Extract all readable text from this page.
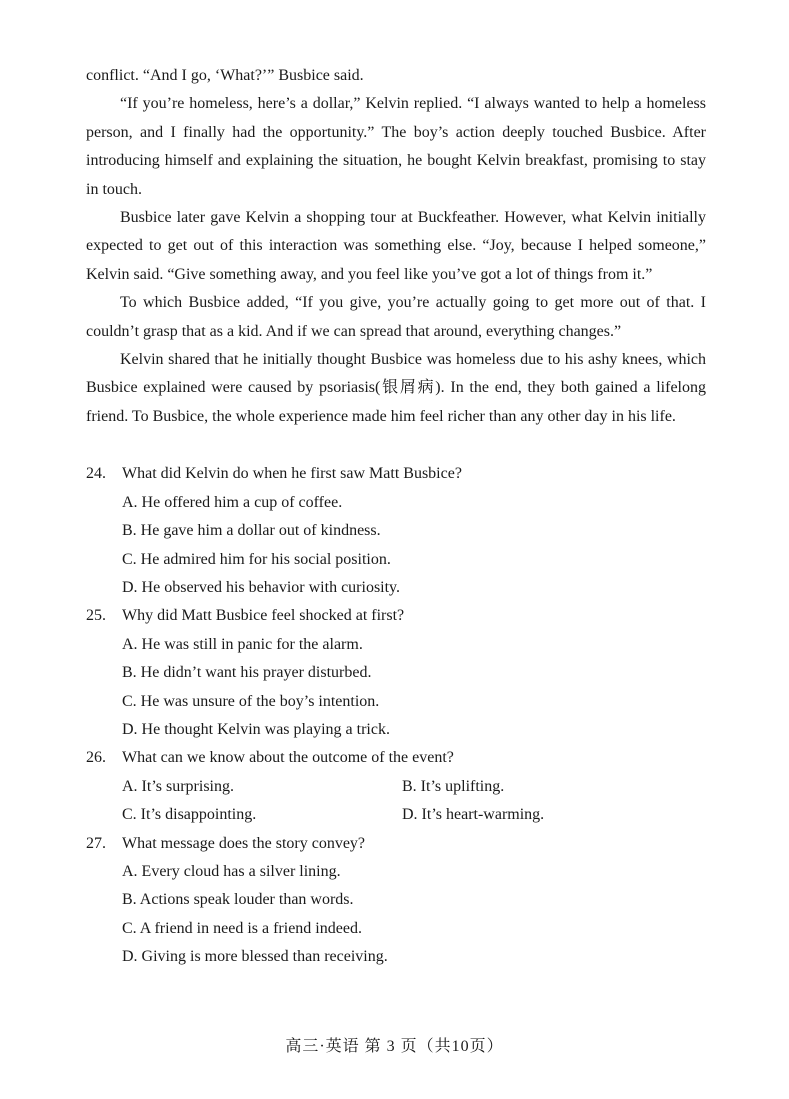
conflict. “And I go, ‘What?’” Busbice said.

“If you’re homeless, here’s a dollar,” Kelvin replied. “I always wanted to help a homeless person, and I finally had the opportunity.” The boy’s action deeply touched Busbice. After introducing himself and explaining the situation, he bought Kelvin breakfast, promising to stay in touch.

Busbice later gave Kelvin a shopping tour at Buckfeather. However, what Kelvin initially expected to get out of this interaction was something else. “Joy, because I helped someone,” Kelvin said. “Give something away, and you feel like you’ve got a lot of things from it.”

To which Busbice added, “If you give, you’re actually going to get more out of that. I couldn’t grasp that as a kid. And if we can spread that around, everything changes.”

Kelvin shared that he initially thought Busbice was homeless due to his ashy knees, which Busbice explained were caused by psoriasis(银屑病). In the end, they both gained a lifelong friend. To Busbice, the whole experience made him feel richer than any other day in his life.

24.	What did Kelvin do when he first saw Matt Busbice?
A. He offered him a cup of coffee.
B. He gave him a dollar out of kindness.
C. He admired him for his social position.
D. He observed his behavior with curiosity.
25.	Why did Matt Busbice feel shocked at first?
A. He was still in panic for the alarm.
B. He didn’t want his prayer disturbed.
C. He was unsure of the boy’s intention.
D. He thought Kelvin was playing a trick.
26.	What can we know about the outcome of the event?
A. It’s surprising.	B. It’s uplifting.
C. It’s disappointing.	D. It’s heart-warming.
27.	What message does the story convey?
A. Every cloud has a silver lining.
B. Actions speak louder than words.
C. A friend in need is a friend indeed.
D. Giving is more blessed than receiving.
高三·英语 第 3 页（共10页）
